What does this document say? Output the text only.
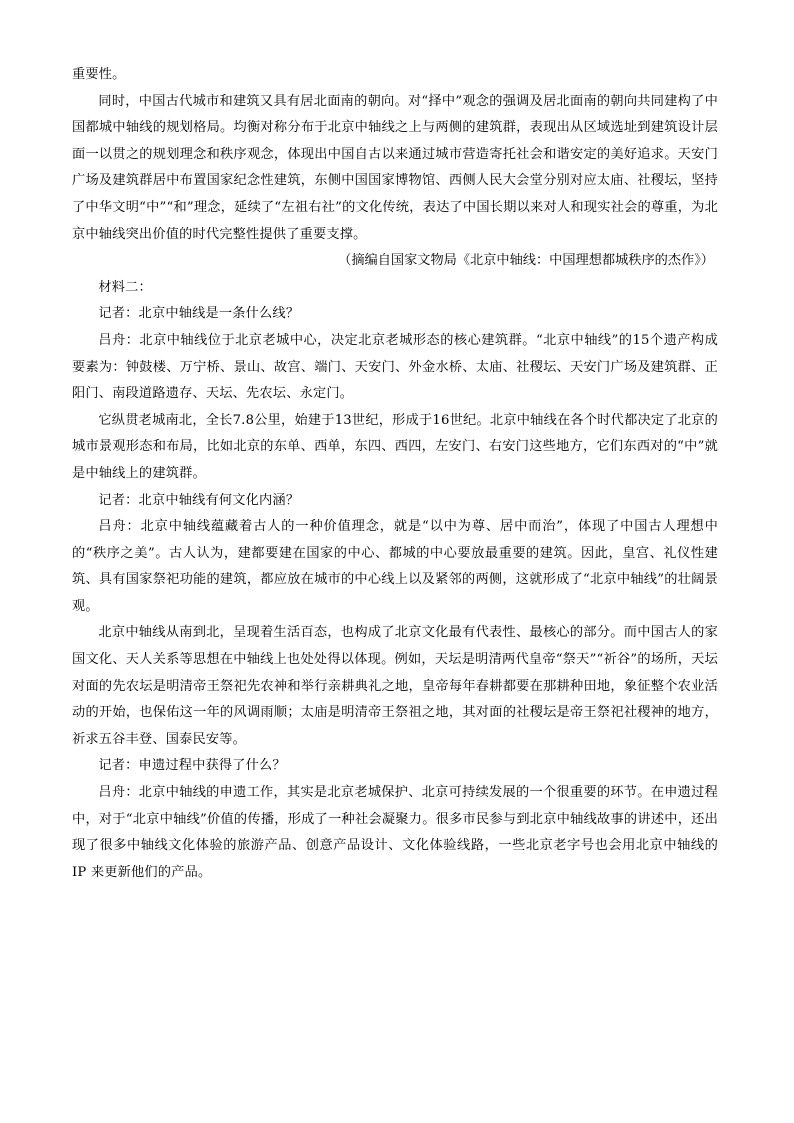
重要性。

同时，中国古代城市和建筑又具有居北面南的朝向。对“择中”观念的强调及居北面南的朝向共同建构了中国都城中轴线的规划格局。均衡对称分布于北京中轴线之上与两侧的建筑群，表现出从区域选址到建筑设计层面一以贯之的规划理念和秩序观念，体现出中国自古以来通过城市营造寄托社会和谐安定的美好追求。天安门广场及建筑群居中布置国家纪念性建筑，东侧中国国家博物馆、西侧人民大会堂分别对应太庙、社稷坛，坚持了中华文明“中”“和”理念，延续了“左祖右社”的文化传统，表达了中国长期以来对人和现实社会的尊重，为北京中轴线突出价值的时代完整性提供了重要支撑。

（摘编自国家文物局《北京中轴线：中国理想都城秩序的杰作》）

材料二：

记者：北京中轴线是一条什么线？

吕舟：北京中轴线位于北京老城中心，决定北京老城形态的核心建筑群。“北京中轴线”的15个遗产构成要素为：钟鼓楼、万宁桥、景山、故宫、端门、天安门、外金水桥、太庙、社稷坛、天安门广场及建筑群、正阳门、南段道路遗存、天坛、先农坛、永定门。

它纵贯老城南北，全长7.8公里，始建于13世纪，形成于16世纪。北京中轴线在各个时代都决定了北京的城市景观形态和布局，比如北京的东单、西单，东四、西四，左安门、右安门这些地方，它们东西对的“中”就是中轴线上的建筑群。

记者：北京中轴线有何文化内涵？

吕舟：北京中轴线蕴藏着古人的一种价值理念，就是“以中为尊、居中而治”，体现了中国古人理想中的“秩序之美”。古人认为，建都要建在国家的中心、都城的中心要放最重要的建筑。因此，皇宫、礼仪性建筑、具有国家祭祀功能的建筑，都应放在城市的中心线上以及紧邻的两侧，这就形成了“北京中轴线”的壮阔景观。

北京中轴线从南到北，呈现着生活百态，也构成了北京文化最有代表性、最核心的部分。而中国古人的家国文化、天人关系等思想在中轴线上也处处得以体现。例如，天坛是明清两代皇帝“祭天”“祈谷”的场所，天坛对面的先农坛是明清帝王祭祀先农神和举行亲耕典礼之地，皇帝每年春耕都要在那耕种田地，象征整个农业活动的开始，也保佑这一年的风调雨顺；太庙是明清帝王祭祖之地，其对面的社稷坛是帝王祭祀社稷神的地方，祈求五谷丰登、国泰民安等。

记者：申遗过程中获得了什么？

吕舟：北京中轴线的申遗工作，其实是北京老城保护、北京可持续发展的一个很重要的环节。在申遗过程中，对于“北京中轴线”价值的传播，形成了一种社会凝聚力。很多市民参与到北京中轴线故事的讲述中，还出现了很多中轴线文化体验的旅游产品、创意产品设计、文化体验线路，一些北京老字号也会用北京中轴线的 IP 来更新他们的产品。
